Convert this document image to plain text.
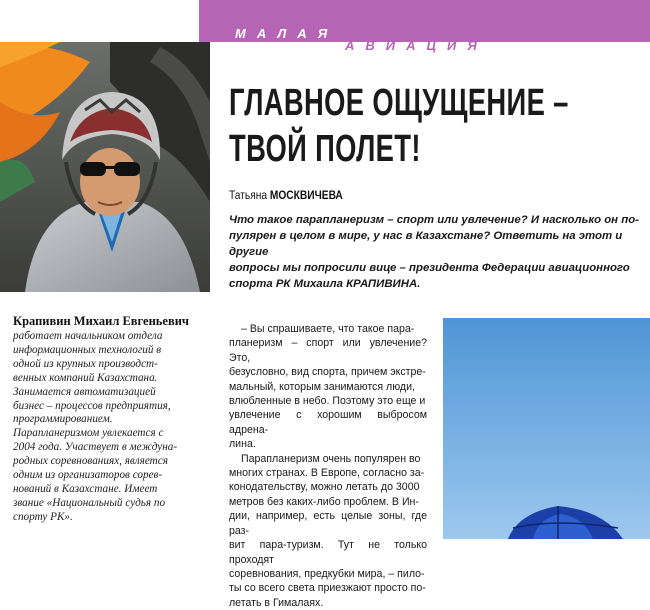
МАЛАЯ
АВИАЦИЯ
ГЛАВНОЕ ОЩУЩЕНИЕ –
ТВОЙ ПОЛЕТ!
Татьяна МОСКВИЧЕВА

Что такое парапланеризм – спорт или увлечение? И насколько он по-

пулярен в целом в мире, у нас в Казахстане? Ответить на этот и другие

вопросы мы попросили вице – президента Федерации авиационного

спорта РК Михаила КРАПИВИНА.

Крапивин Михаил Евгеньевич

работает начальником отдела

информационных технологий в

одной из крупных производст-

венных компаний Казахстана.

Занимается автоматизацией

бизнес – процессов предприятия,

программированием.

Парапланеризмом увлекается с

2004 года. Участвует в междуна-

родных соревнованиях, является

одним из организаторов сорев-

нований в Казахстане. Имеет

звание «Национальный судья по

спорту РК».

– Вы спрашиваете, что такое пара-

планеризм – спорт или увлечение? Это,

безусловно, вид спорта, причем экстре-

мальный, которым занимаются люди,

влюбленные в небо. Поэтому это еще и

увлечение с хорошим выбросом адрена-

лина.

Парапланеризм очень популярен во

многих странах. В Европе, согласно за-

конодательству, можно летать до 3000

метров без каких-либо проблем. В Ин-

дии, например, есть целые зоны, где раз-

вит пара-туризм. Тут не только проходят

соревнования, предкубки мира, – пило-

ты со всего света приезжают просто по-

летать в Гималаях.
